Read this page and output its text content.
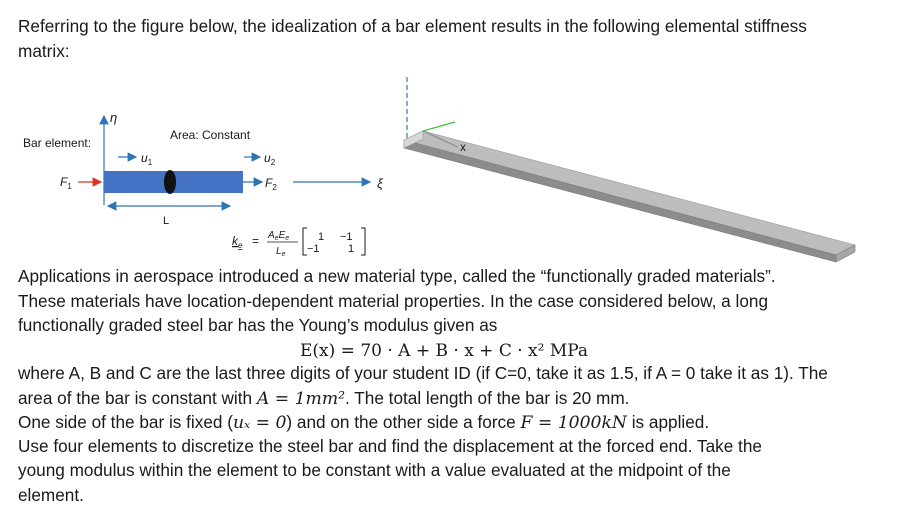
Referring to the figure below, the idealization of a bar element results in the following elemental stiffness

matrix:

Bar element:
Area: Constant
η
$u_1$	$u_2$
$F_1$	$F_2$	ξ
L
$k_e = A_eE_e$
$L_e$
1 −1
−1	1
x

Applications in aerospace introduced a new material type, called the “functionally graded materials”.

These materials have location-dependent material properties. In the case considered below, a long

functionally graded steel bar has the Young’s modulus given as

E(x) = 70 · A + B · x + C · x² MPa

where A, B and C are the last three digits of your student ID (if C=0, take it as 1.5, if A = 0 take it as 1). The

area of the bar is constant with A = 1mm². The total length of the bar is 20 mm.

One side of the bar is fixed (uₓ = 0) and on the other side a force F = 1000kN is applied.

Use four elements to discretize the steel bar and find the displacement at the forced end. Take the

young modulus within the element to be constant with a value evaluated at the midpoint of the

element.
